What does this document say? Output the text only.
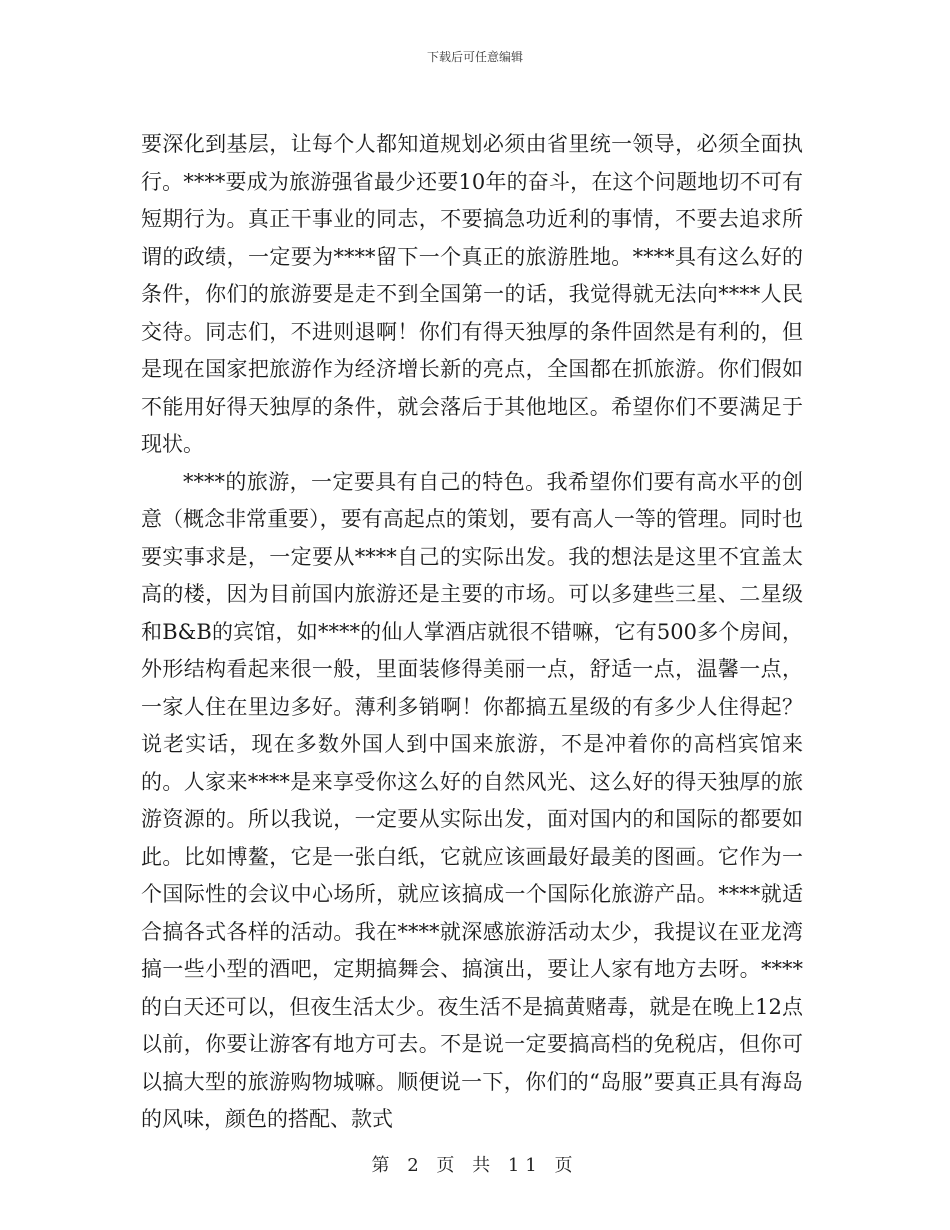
下载后可任意编辑

要深化到基层，让每个人都知道规划必须由省里统一领导，必须全面执行。****要成为旅游强省最少还要10年的奋斗，在这个问题地切不可有短期行为。真正干事业的同志，不要搞急功近利的事情，不要去追求所谓的政绩，一定要为****留下一个真正的旅游胜地。****具有这么好的条件，你们的旅游要是走不到全国第一的话，我觉得就无法向****人民交待。同志们，不进则退啊！你们有得天独厚的条件固然是有利的，但是现在国家把旅游作为经济增长新的亮点，全国都在抓旅游。你们假如不能用好得天独厚的条件，就会落后于其他地区。希望你们不要满足于现状。

****的旅游，一定要具有自己的特色。我希望你们要有高水平的创意（概念非常重要），要有高起点的策划，要有高人一等的管理。同时也要实事求是，一定要从****自己的实际出发。我的想法是这里不宜盖太高的楼，因为目前国内旅游还是主要的市场。可以多建些三星、二星级和B&B的宾馆，如****的仙人掌酒店就很不错嘛，它有500多个房间，外形结构看起来很一般，里面装修得美丽一点，舒适一点，温馨一点，一家人住在里边多好。薄利多销啊！你都搞五星级的有多少人住得起？说老实话，现在多数外国人到中国来旅游，不是冲着你的高档宾馆来的。人家来****是来享受你这么好的自然风光、这么好的得天独厚的旅游资源的。所以我说，一定要从实际出发，面对国内的和国际的都要如此。比如博鳌，它是一张白纸，它就应该画最好最美的图画。它作为一个国际性的会议中心场所，就应该搞成一个国际化旅游产品。****就适合搞各式各样的活动。我在****就深感旅游活动太少，我提议在亚龙湾搞一些小型的酒吧，定期搞舞会、搞演出，要让人家有地方去呀。****的白天还可以，但夜生活太少。夜生活不是搞黄赌毒，就是在晚上12点以前，你要让游客有地方可去。不是说一定要搞高档的免税店，但你可以搞大型的旅游购物城嘛。顺便说一下，你们的“岛服”要真正具有海岛的风味，颜色的搭配、款式

第 2 页 共 11 页
